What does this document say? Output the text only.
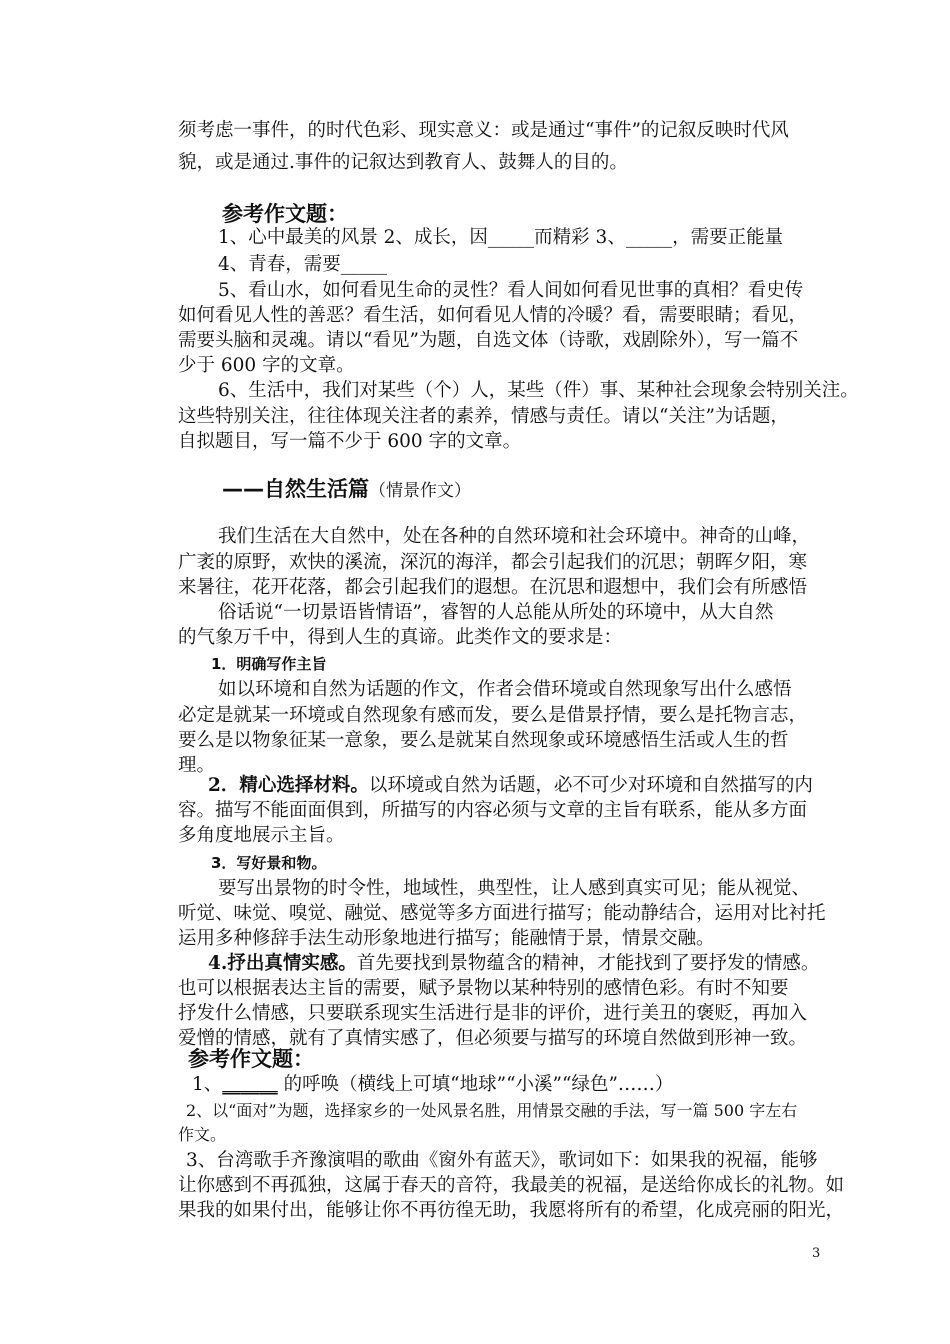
须考虑一事件，的时代色彩、现实意义：或是通过“事件”的记叙反映时代风

貌，或是通过.事件的记叙达到教育人、鼓舞人的目的。

参考作文题：

1、心中最美的风景 2、成长，因_____而精彩 3、_____，需要正能量

4、青春，需要_____

5、看山水，如何看见生命的灵性？看人间如何看见世事的真相？看史传

如何看见人性的善恶？看生活，如何看见人情的冷暖？看，需要眼睛；看见，

需要头脑和灵魂。请以“看见”为题，自选文体（诗歌，戏剧除外），写一篇不

少于 600 字的文章。

6、生活中，我们对某些（个）人，某些（件）事、某种社会现象会特别关注。

这些特别关注，往往体现关注者的素养，情感与责任。请以“关注”为话题，

自拟题目，写一篇不少于 600 字的文章。

——自然生活篇（情景作文）

我们生活在大自然中，处在各种的自然环境和社会环境中。神奇的山峰，

广袤的原野，欢快的溪流，深沉的海洋，都会引起我们的沉思；朝晖夕阳，寒

来暑往，花开花落，都会引起我们的遐想。在沉思和遐想中，我们会有所感悟

俗话说“一切景语皆情语”，睿智的人总能从所处的环境中，从大自然

的气象万千中，得到人生的真谛。此类作文的要求是：

1．明确写作主旨

如以环境和自然为话题的作文，作者会借环境或自然现象写出什么感悟

必定是就某一环境或自然现象有感而发，要么是借景抒情，要么是托物言志，

要么是以物象征某一意象，要么是就某自然现象或环境感悟生活或人生的哲

理。

2．精心选择材料。以环境或自然为话题，必不可少对环境和自然描写的内

容。描写不能面面俱到，所描写的内容必须与文章的主旨有联系，能从多方面

多角度地展示主旨。

3．写好景和物。

要写出景物的时令性，地域性，典型性，让人感到真实可见；能从视觉、

听觉、味觉、嗅觉、融觉、感觉等多方面进行描写；能动静结合，运用对比衬托

运用多种修辞手法生动形象地进行描写；能融情于景，情景交融。

4.抒出真情实感。首先要找到景物蕴含的精神，才能找到了要抒发的情感。

也可以根据表达主旨的需要，赋予景物以某种特别的感情色彩。有时不知要

抒发什么情感，只要联系现实生活进行是非的评价，进行美丑的褒贬，再加入

爱憎的情感，就有了真情实感了，但必须要与描写的环境自然做到形神一致。

参考作文题：

1、______ 的呼唤（横线上可填“地球”“小溪”“绿色”……）

2、以“面对”为题，选择家乡的一处风景名胜，用情景交融的手法，写一篇 500 字左右

作文。

3、台湾歌手齐豫演唱的歌曲《窗外有蓝天》，歌词如下：如果我的祝福，能够

让你感到不再孤独，这属于春天的音符，我最美的祝福，是送给你成长的礼物。如

果我的如果付出，能够让你不再彷徨无助，我愿将所有的希望，化成亮丽的阳光，

3
